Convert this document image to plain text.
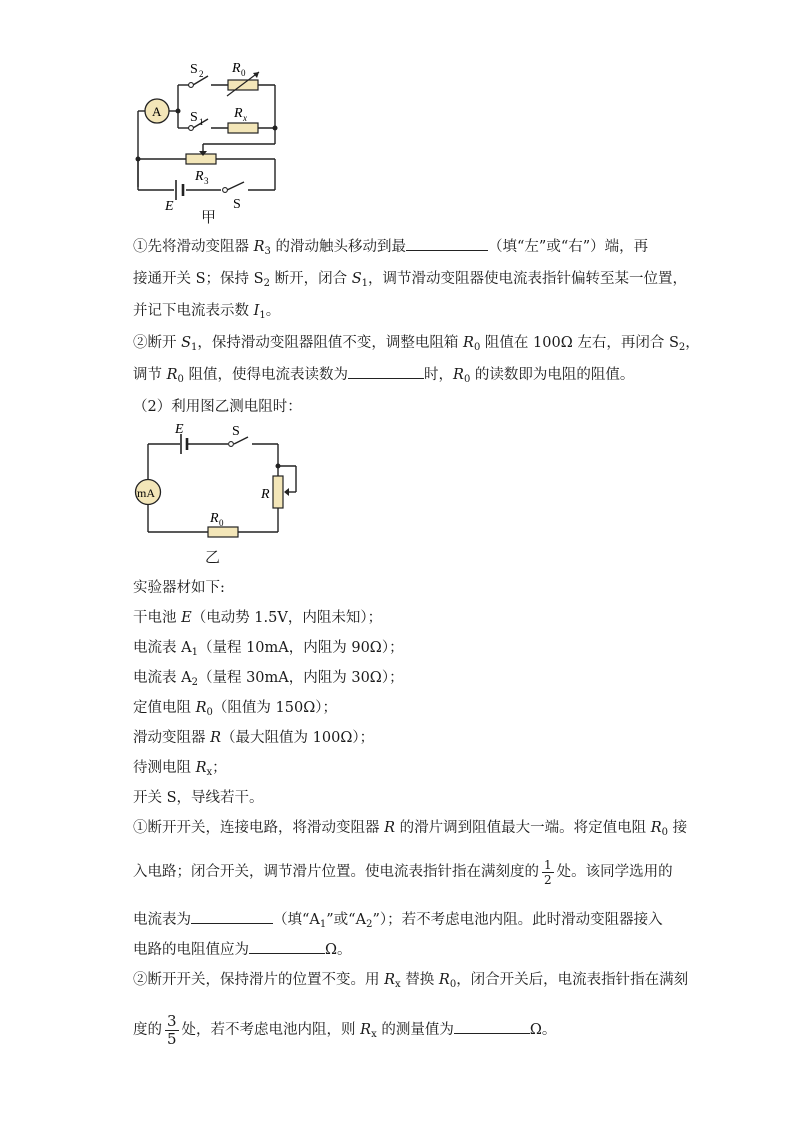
A
S 2 R 0
S 1
R x
R 3
E	S
甲
①先将滑动变阻器 $R_3$ 的滑动触头移动到最	（填“左”或“右”）端，再
接通开关 S；保持 $S_2$ 断开，闭合 $S_1$，调节滑动变阻器使电流表指针偏转至某一位置，
并记下电流表示数 $I_1$。
②断开 $S_1$，保持滑动变阻器阻值不变，调整电阻箱 $R_0$ 阻值在 100Ω 左右，再闭合 $S_2$，
调节 $R_0$ 阻值，使得电流表读数为	时，$R_0$ 的读数即为电阻的阻值。
（2）利用图乙测电阻时：
E	S
mA	R
R 0
乙
实验器材如下:
干电池 E（电动势 1.5V，内阻未知）；
电流表 $A_1$（量程 10mA，内阻为 90Ω）；
电流表 $A_2$（量程 30mA，内阻为 30Ω）；
定值电阻 $R_0$（阻值为 150Ω）；
滑动变阻器 R（最大阻值为 100Ω）；
待测电阻 $R_x$；
开关 S，导线若干。
①断开开关，连接电路，将滑动变阻器 R 的滑片调到阻值最大一端。将定值电阻 $R_0$ 接
入电路；闭合开关，调节滑片位置。使电流表指针指在满刻度的 $\frac{1}{2}$ 处。该同学选用的
电流表为	（填“$A_1$”或“$A_2$”）；若不考虑电池内阻。此时滑动变阻器接入
电路的电阻值应为	Ω。
②断开开关，保持滑片的位置不变。用 $R_x$ 替换 $R_0$，闭合开关后，电流表指针指在满刻
度的 $\frac{3}{5}$ 处，若不考虑电池内阻，则 $R_x$ 的测量值为	Ω。
